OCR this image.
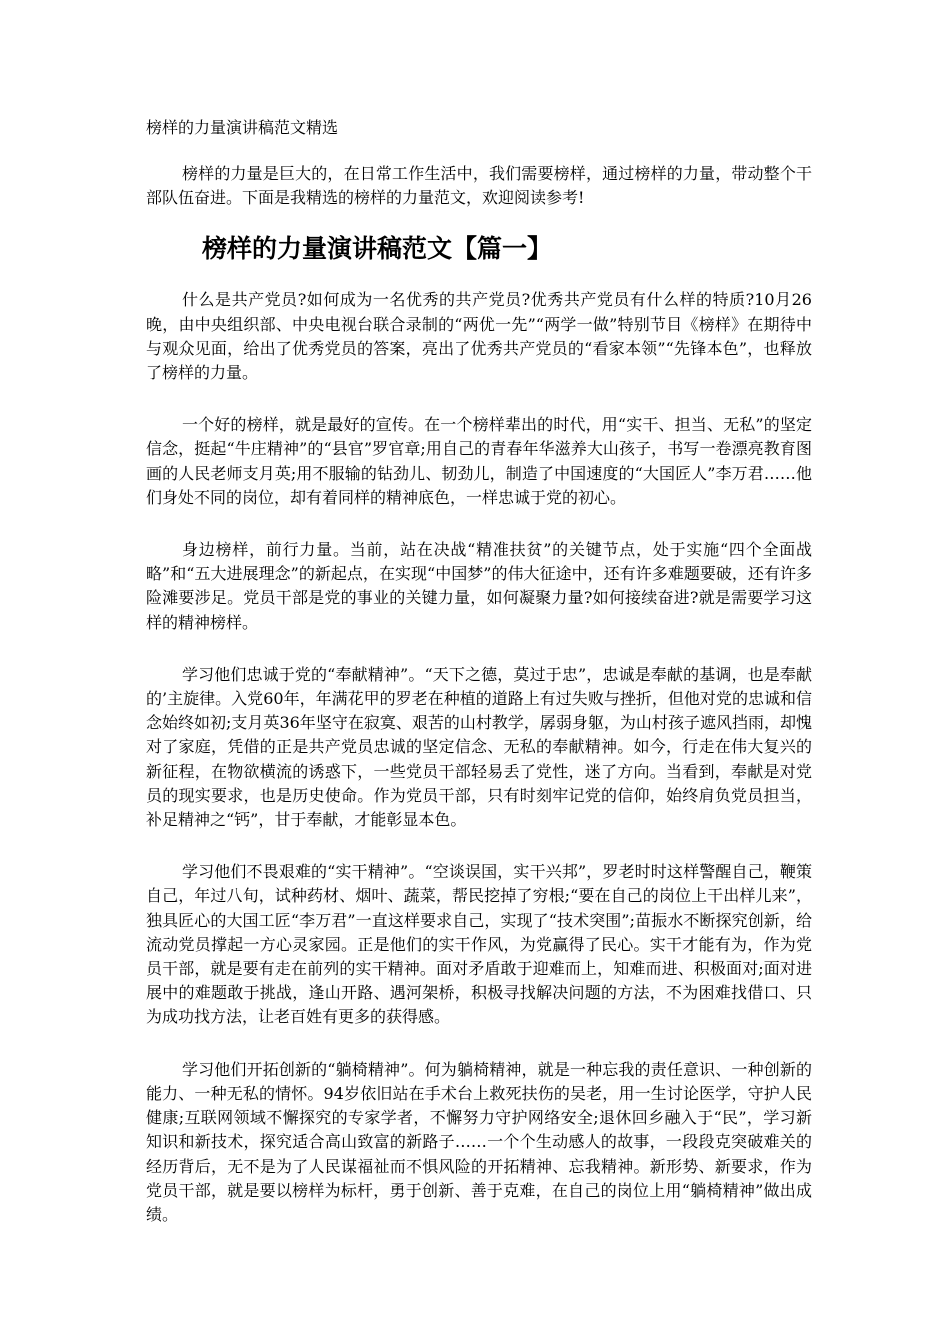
榜样的力量演讲稿范文精选

榜样的力量是巨大的，在日常工作生活中，我们需要榜样，通过榜样的力量，带动整个干部队伍奋进。下面是我精选的榜样的力量范文，欢迎阅读参考!

榜样的力量演讲稿范文【篇一】

什么是共产党员?如何成为一名优秀的共产党员?优秀共产党员有什么样的特质?10月26晚，由中央组织部、中央电视台联合录制的“两优一先”“两学一做”特别节目《榜样》在期待中与观众见面，给出了优秀党员的答案，亮出了优秀共产党员的“看家本领”“先锋本色”，也释放了榜样的力量。

一个好的榜样，就是最好的宣传。在一个榜样辈出的时代，用“实干、担当、无私”的坚定信念，挺起“牛庄精神”的“县官”罗官章;用自己的青春年华滋养大山孩子，书写一卷漂亮教育图画的人民老师支月英;用不服输的钻劲儿、韧劲儿，制造了中国速度的“大国匠人”李万君……他们身处不同的岗位，却有着同样的精神底色，一样忠诚于党的初心。

身边榜样，前行力量。当前，站在决战“精准扶贫”的关键节点，处于实施“四个全面战略”和“五大进展理念”的新起点，在实现“中国梦”的伟大征途中，还有许多难题要破，还有许多险滩要涉足。党员干部是党的事业的关键力量，如何凝聚力量?如何接续奋进?就是需要学习这样的精神榜样。

学习他们忠诚于党的“奉献精神”。“天下之德，莫过于忠”，忠诚是奉献的基调，也是奉献的’主旋律。入党60年，年满花甲的罗老在种植的道路上有过失败与挫折，但他对党的忠诚和信念始终如初;支月英36年坚守在寂寞、艰苦的山村教学，孱弱身躯，为山村孩子遮风挡雨，却愧对了家庭，凭借的正是共产党员忠诚的坚定信念、无私的奉献精神。如今，行走在伟大复兴的新征程，在物欲横流的诱惑下，一些党员干部轻易丢了党性，迷了方向。当看到，奉献是对党员的现实要求，也是历史使命。作为党员干部，只有时刻牢记党的信仰，始终肩负党员担当，补足精神之“钙”，甘于奉献，才能彰显本色。

学习他们不畏艰难的“实干精神”。“空谈误国，实干兴邦”，罗老时时这样警醒自己，鞭策自己，年过八旬，试种药材、烟叶、蔬菜，帮民挖掉了穷根;“要在自己的岗位上干出样儿来”，独具匠心的大国工匠“李万君”一直这样要求自己，实现了“技术突围”;苗振水不断探究创新，给流动党员撑起一方心灵家园。正是他们的实干作风，为党赢得了民心。实干才能有为，作为党员干部，就是要有走在前列的实干精神。面对矛盾敢于迎难而上，知难而进、积极面对;面对进展中的难题敢于挑战，逢山开路、遇河架桥，积极寻找解决问题的方法，不为困难找借口、只为成功找方法，让老百姓有更多的获得感。

学习他们开拓创新的“躺椅精神”。何为躺椅精神，就是一种忘我的责任意识、一种创新的能力、一种无私的情怀。94岁依旧站在手术台上救死扶伤的吴老，用一生讨论医学，守护人民健康;互联网领域不懈探究的专家学者，不懈努力守护网络安全;退休回乡融入于“民”，学习新知识和新技术，探究适合高山致富的新路子……一个个生动感人的故事，一段段克突破难关的经历背后，无不是为了人民谋福祉而不惧风险的开拓精神、忘我精神。新形势、新要求，作为党员干部，就是要以榜样为标杆，勇于创新、善于克难，在自己的岗位上用“躺椅精神”做出成绩。
